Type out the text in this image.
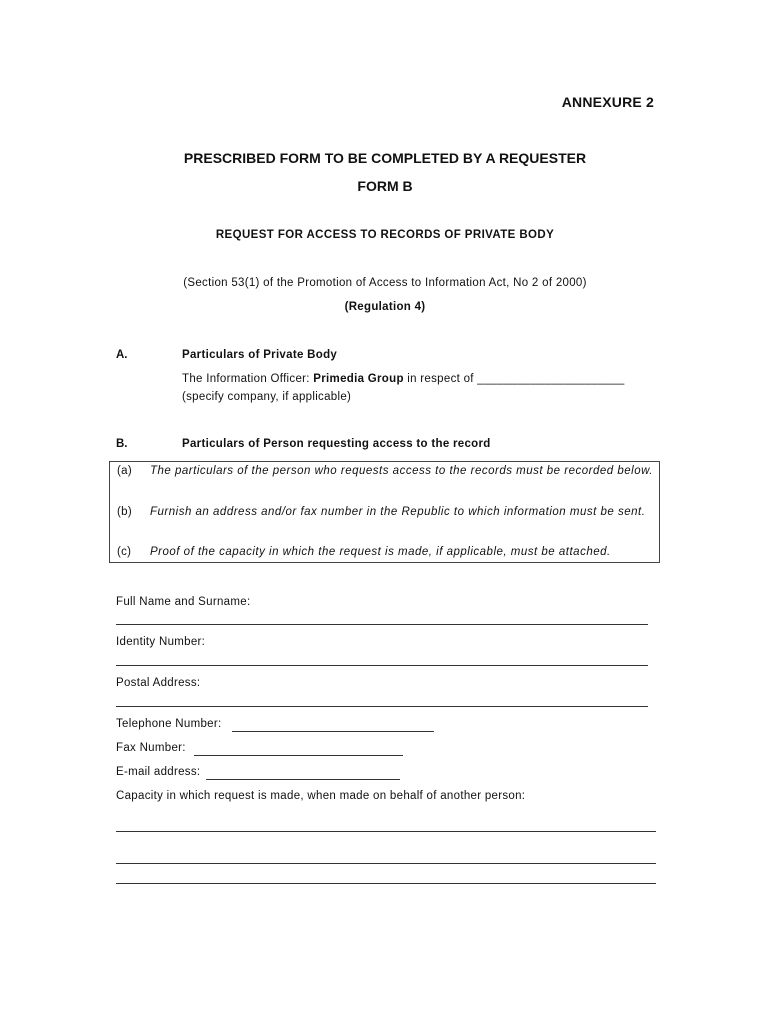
ANNEXURE 2
PRESCRIBED FORM TO BE COMPLETED BY A REQUESTER
FORM B
REQUEST FOR ACCESS TO RECORDS OF PRIVATE BODY
(Section 53(1) of the Promotion of Access to Information Act, No 2 of 2000)
(Regulation 4)
A.	Particulars of Private Body
The Information Officer: Primedia Group in respect of ______________________
(specify company, if applicable)
B.	Particulars of Person requesting access to the record
(a) The particulars of the person who requests access to the records must be recorded below.
(b) Furnish an address and/or fax number in the Republic to which information must be sent.
(c) Proof of the capacity in which the request is made, if applicable, must be attached.
Full Name and Surname:
Identity Number:
Postal Address:
Telephone Number:
Fax Number:
E-mail address:
Capacity in which request is made, when made on behalf of another person:
